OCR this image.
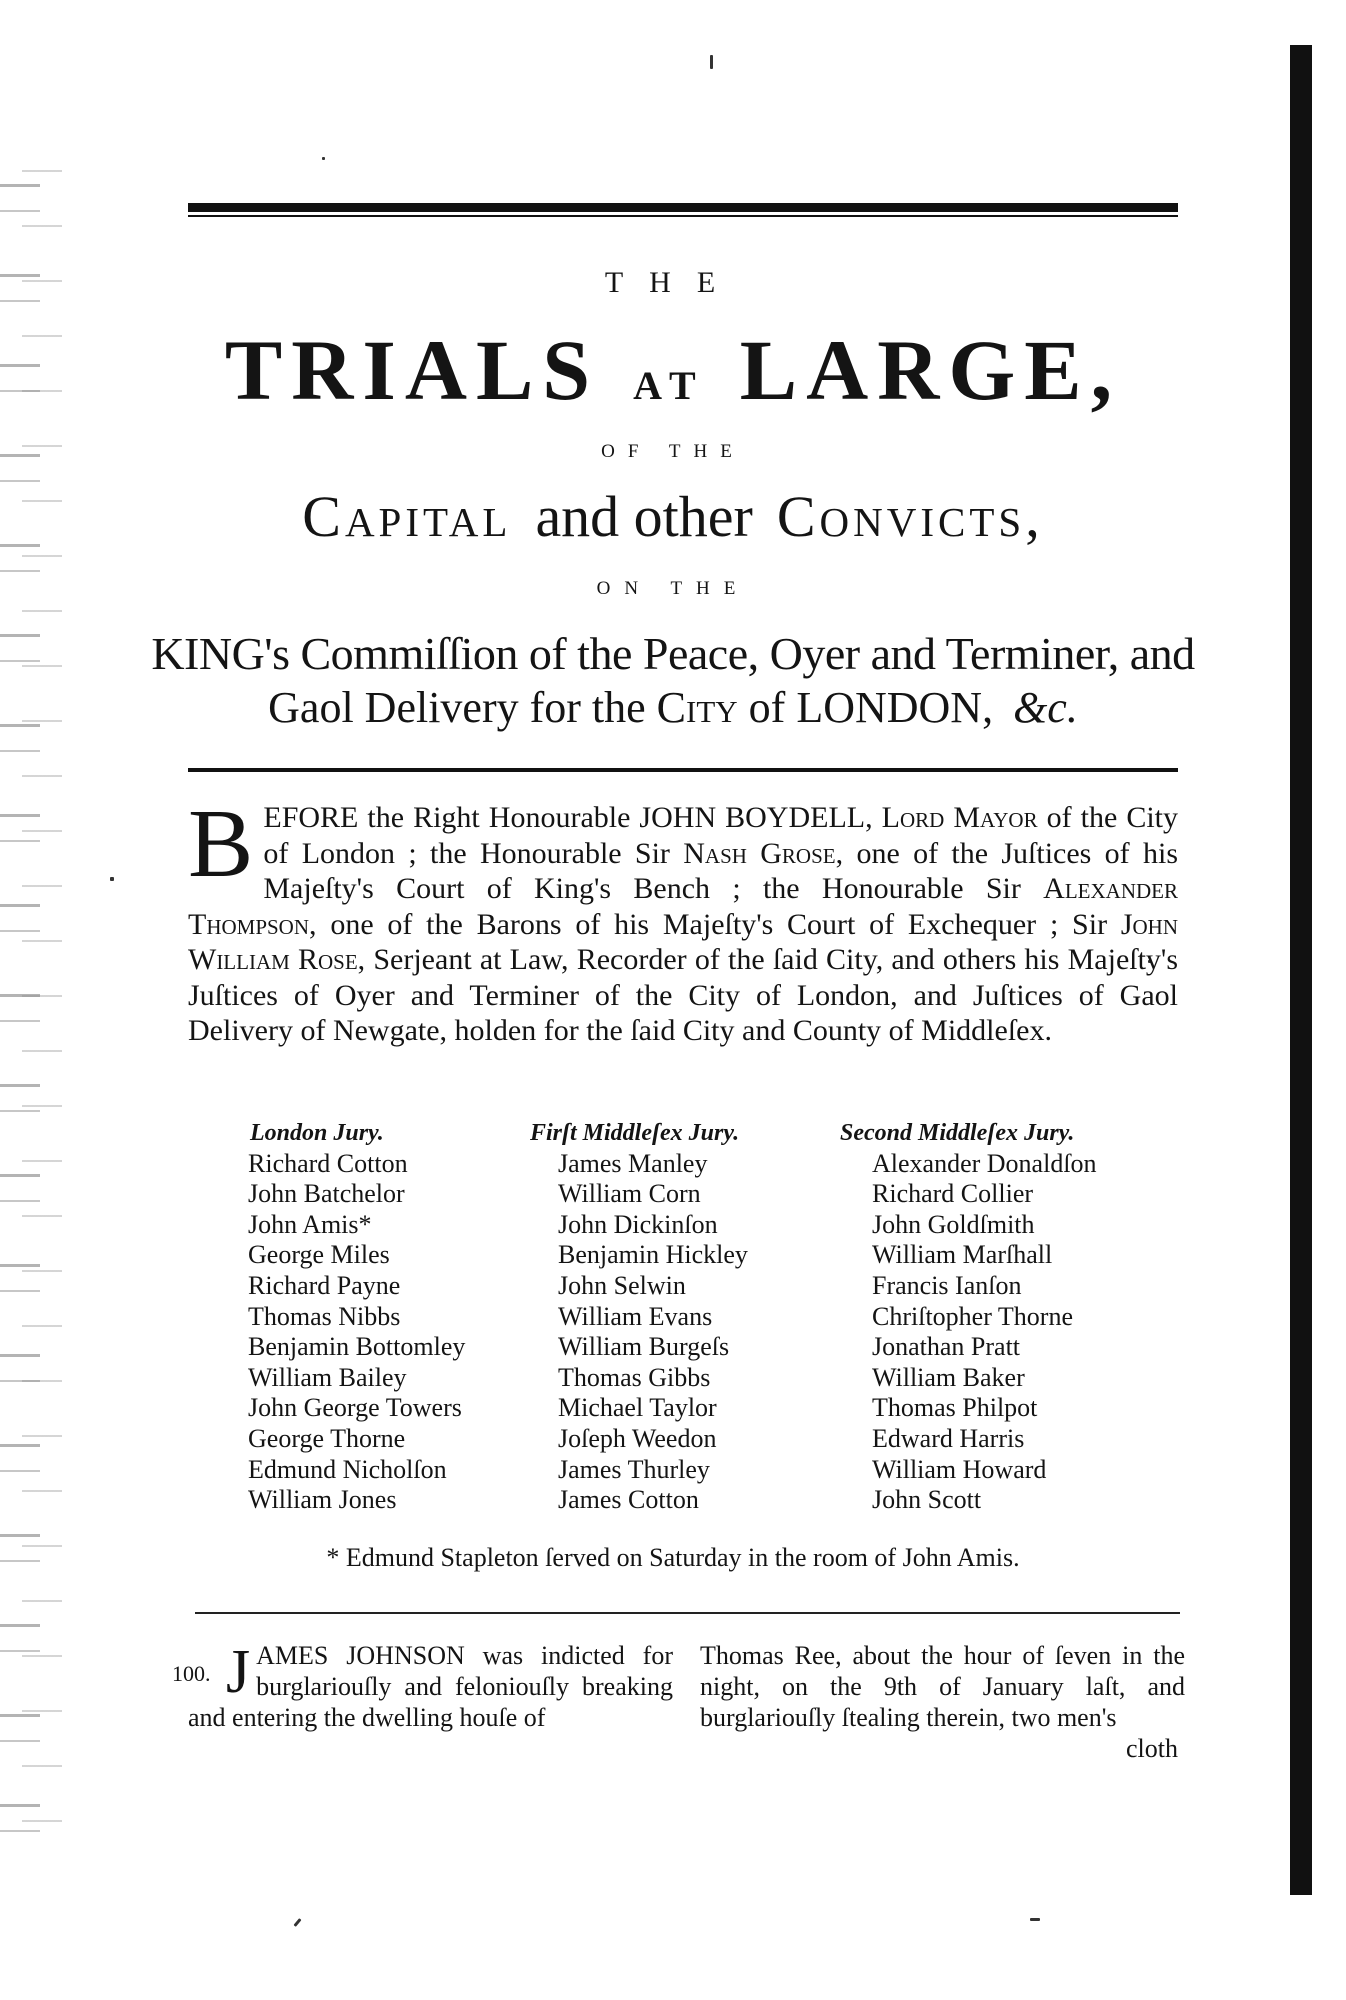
THE
TRIALS AT LARGE,
OF THE
Capital and other Convicts,
ON THE
KING's Commiſſion of the Peace, Oyer and Terminer, and
Gaol Delivery for the City of LONDON, &c.
BEFORE the Right Honourable JOHN BOYDELL, Lord Mayor of the City of London ; the Honourable Sir Nash Grose, one of the Juſtices of his Majeſty's Court of King's Bench ; the Honourable Sir Alexander Thompson, one of the Barons of his Majeſty's Court of Exchequer ; Sir John William Rose, Serjeant at Law, Recorder of the ſaid City, and others his Majeſty's Juſtices of Oyer and Terminer of the City of London, and Juſtices of Gaol Delivery of Newgate, holden for the ſaid City and County of Middleſex.
London Jury.
Richard Cotton
John Batchelor
John Amis*
George Miles
Richard Payne
Thomas Nibbs
Benjamin Bottomley
William Bailey
John George Towers
George Thorne
Edmund Nicholſon
William Jones
Firſt Middleſex Jury.
James Manley
William Corn
John Dickinſon
Benjamin Hickley
John Selwin
William Evans
William Burgeſs
Thomas Gibbs
Michael Taylor
Joſeph Weedon
James Thurley
James Cotton
Second Middleſex Jury.
Alexander Donaldſon
Richard Collier
John Goldſmith
William Marſhall
Francis Ianſon
Chriſtopher Thorne
Jonathan Pratt
William Baker
Thomas Philpot
Edward Harris
William Howard
John Scott
* Edmund Stapleton ſerved on Saturday in the room of John Amis.
100. J AMES JOHNSON was indicted for burglariouſly and feloniouſly breaking and entering the dwelling houſe of
Thomas Ree, about the hour of ſeven in the night, on the 9th of January laſt, and burglariouſly ſtealing therein, two men's
cloth
